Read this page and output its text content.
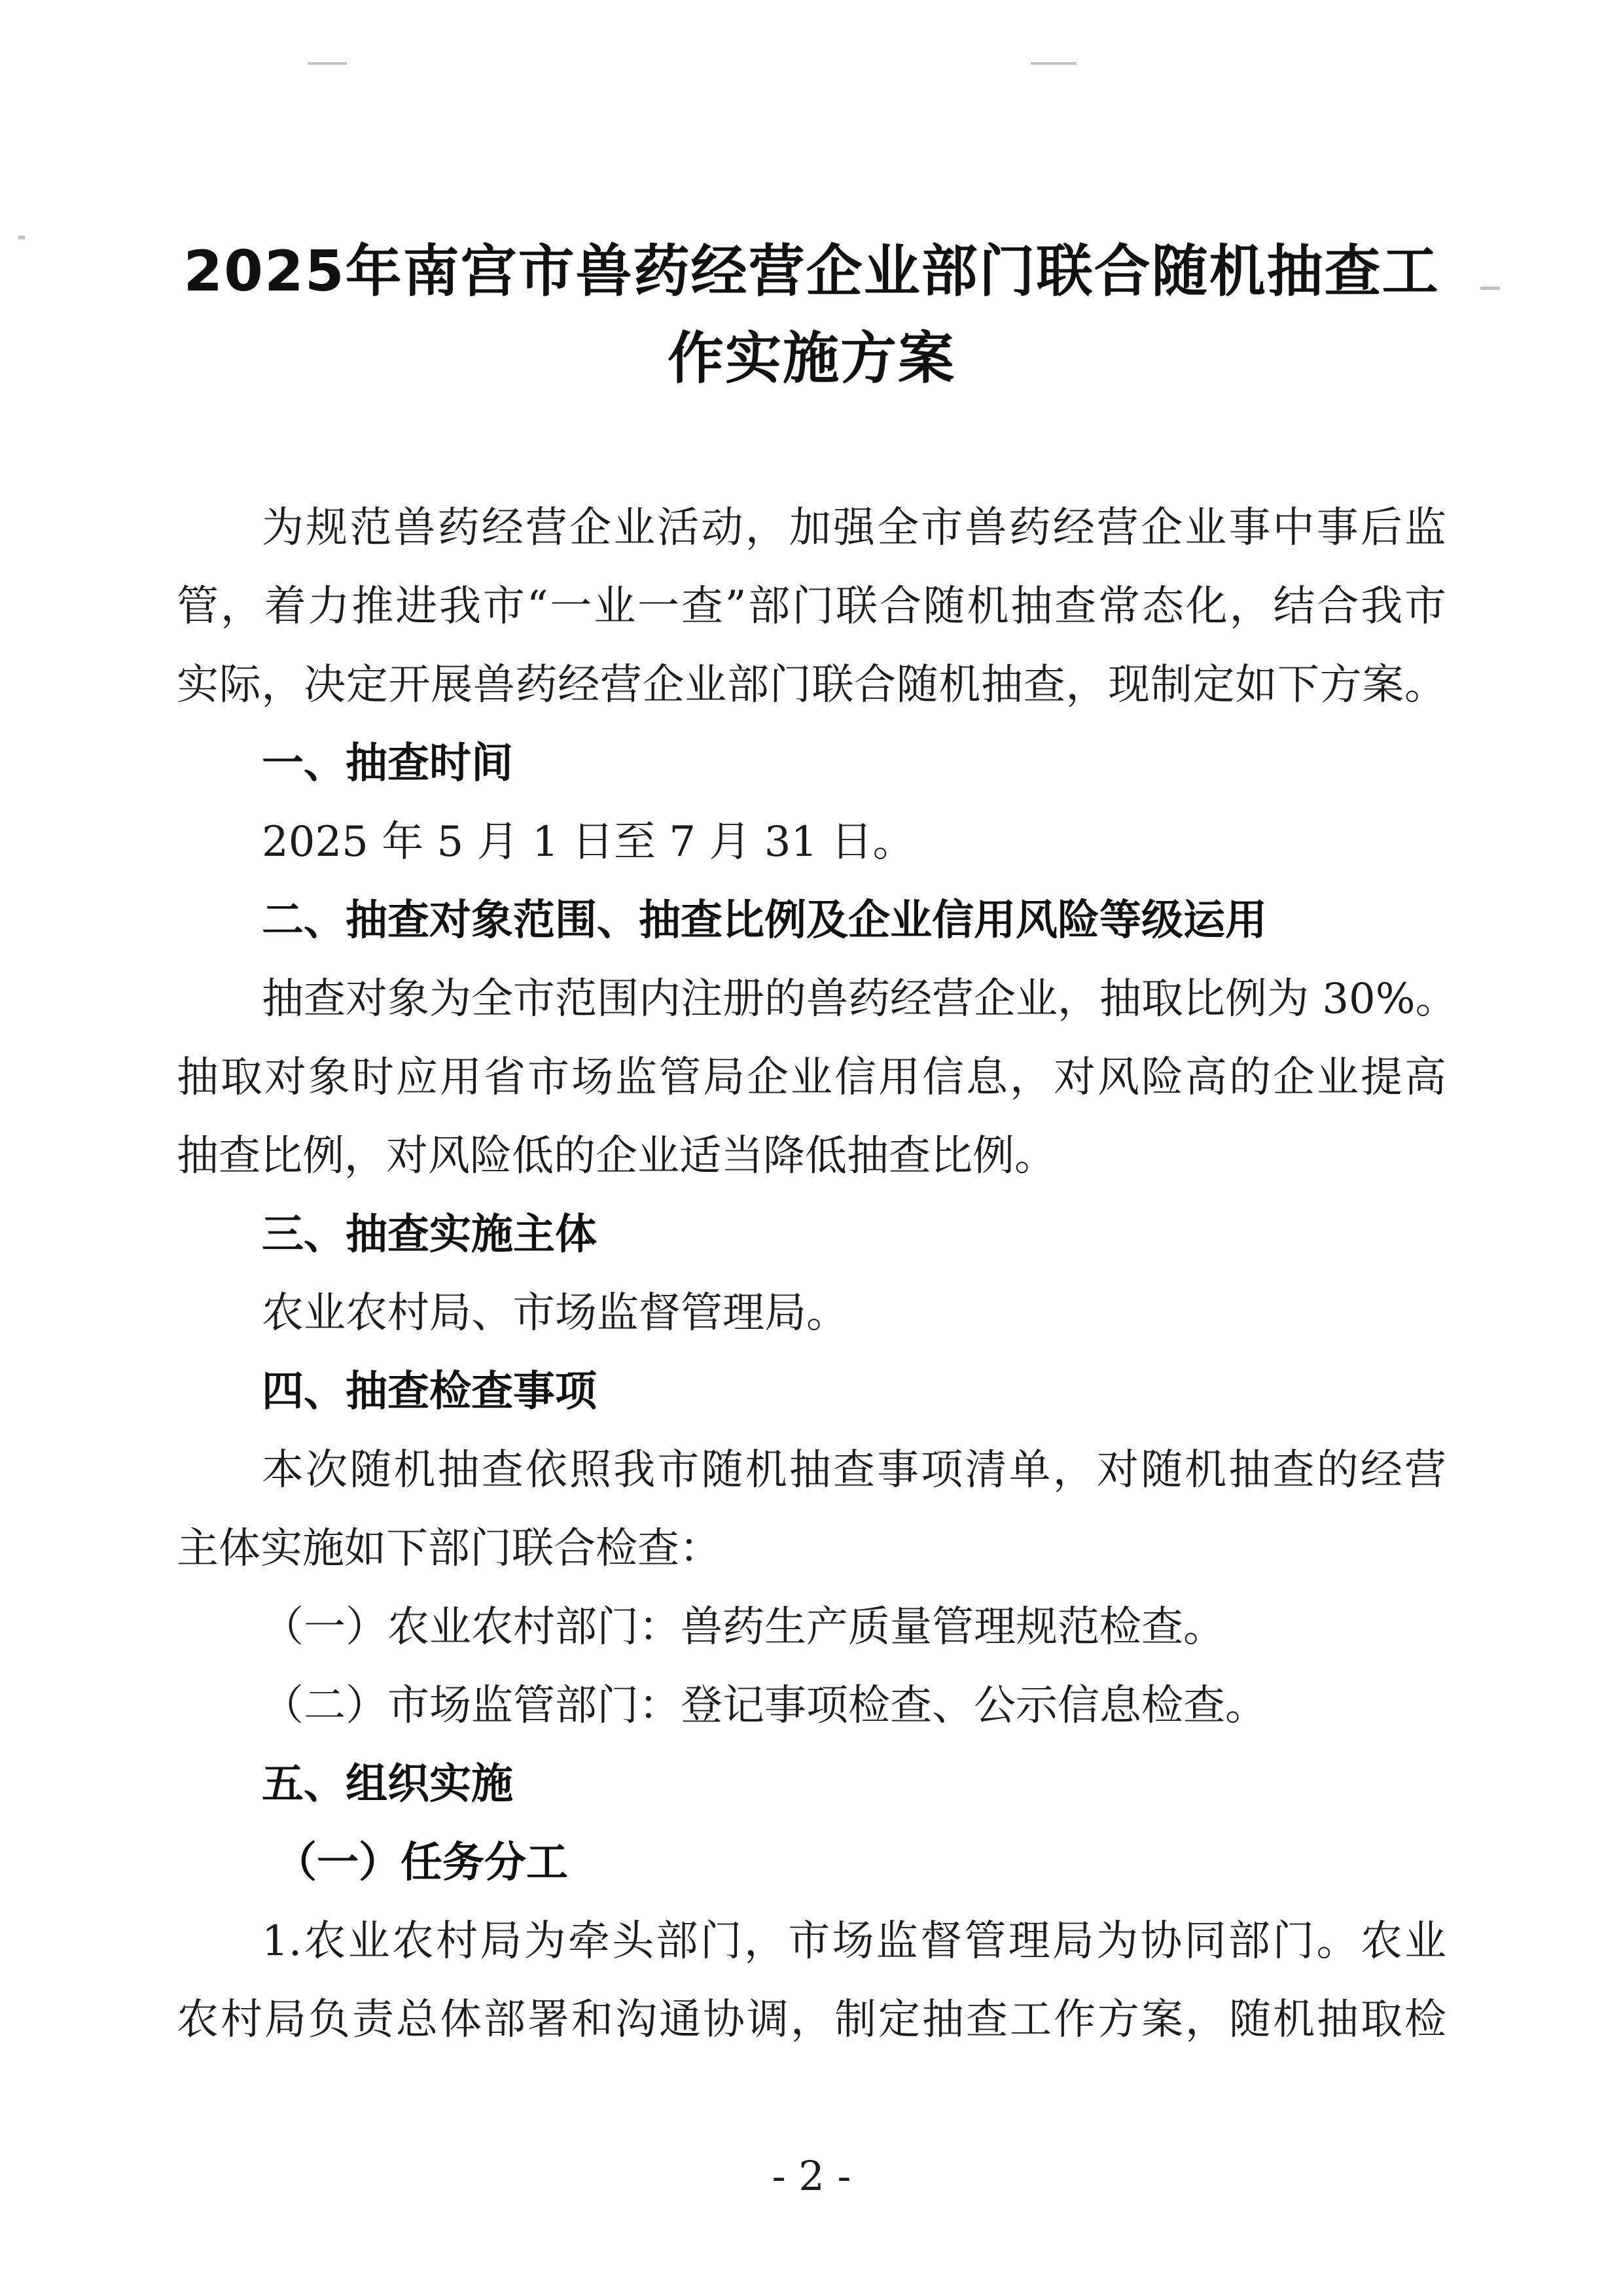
2025年南宫市兽药经营企业部门联合随机抽查工
作实施方案
为规范兽药经营企业活动，加强全市兽药经营企业事中事后监
管，着力推进我市“一业一查”部门联合随机抽查常态化，结合我市
实际，决定开展兽药经营企业部门联合随机抽查，现制定如下方案。
一、抽查时间
2025 年 5 月 1 日至 7 月 31 日。
二、抽查对象范围、抽查比例及企业信用风险等级运用
抽查对象为全市范围内注册的兽药经营企业，抽取比例为 30%。
抽取对象时应用省市场监管局企业信用信息，对风险高的企业提高
抽查比例，对风险低的企业适当降低抽查比例。
三、抽查实施主体
农业农村局、市场监督管理局。
四、抽查检查事项
本次随机抽查依照我市随机抽查事项清单，对随机抽查的经营
主体实施如下部门联合检查：
（一）农业农村部门：兽药生产质量管理规范检查。
（二）市场监管部门：登记事项检查、公示信息检查。
五、组织实施
（一）任务分工
1.农业农村局为牵头部门，市场监督管理局为协同部门。农业
农村局负责总体部署和沟通协调，制定抽查工作方案，随机抽取检
- 2 -
